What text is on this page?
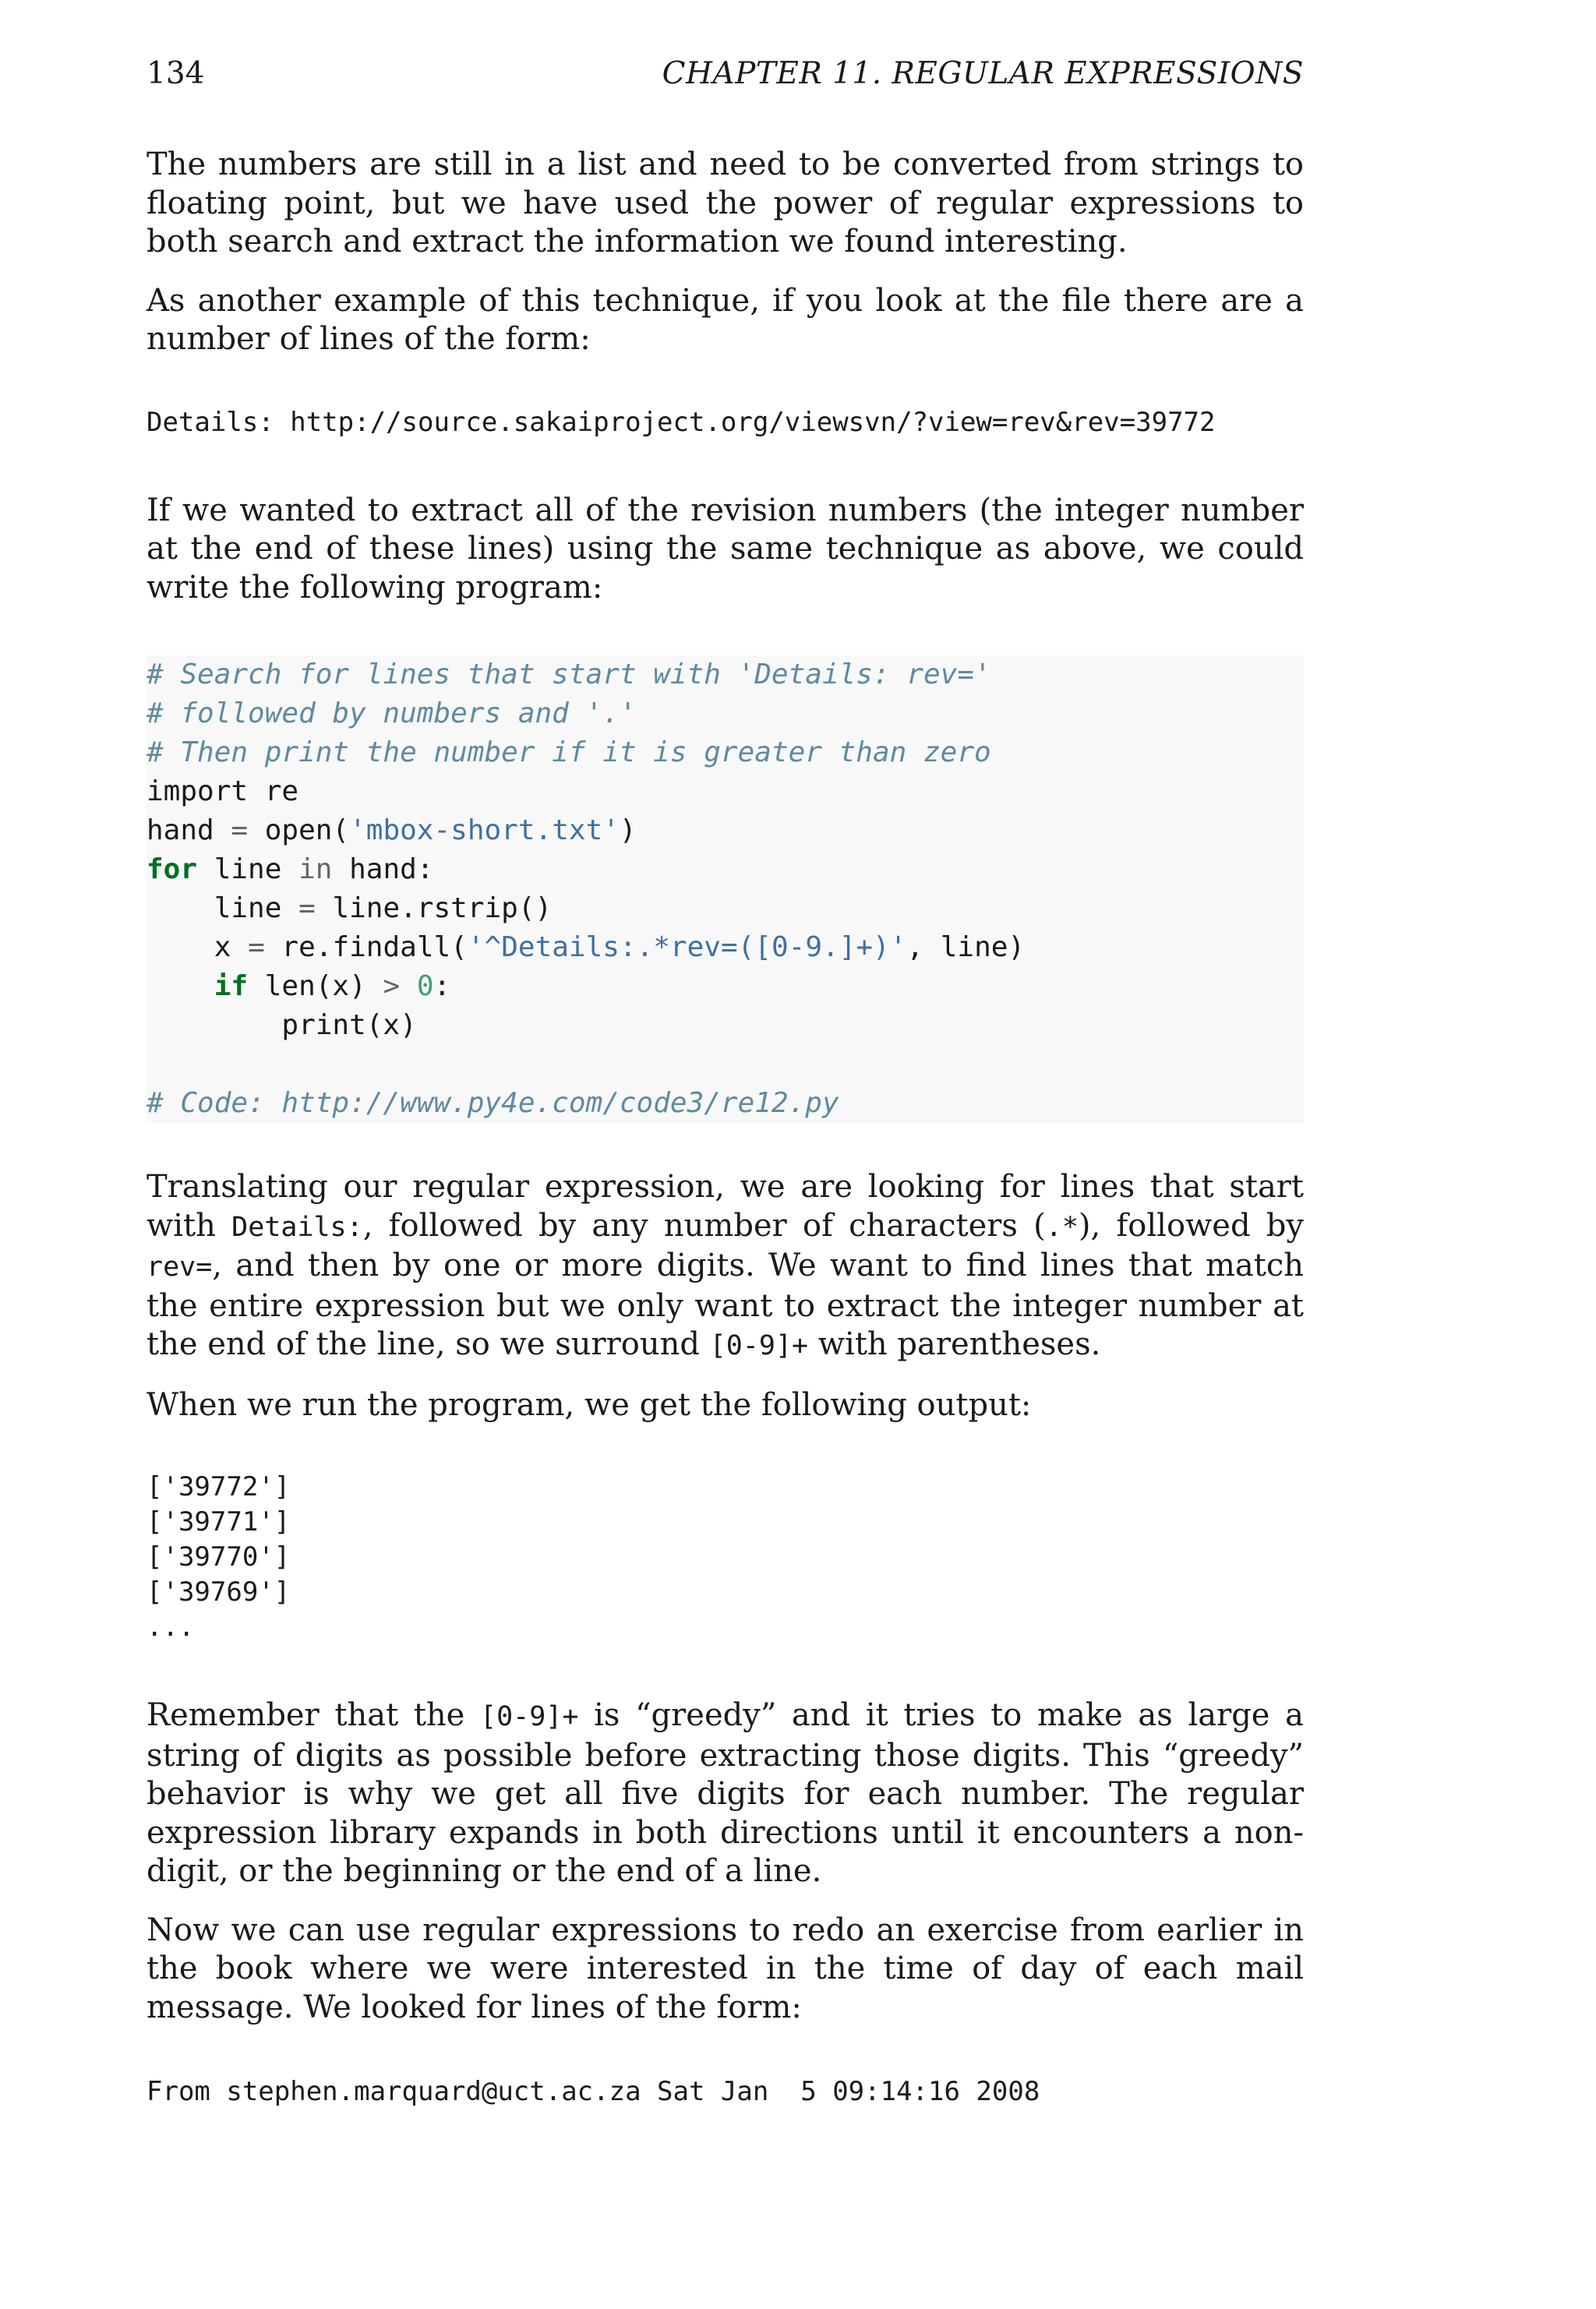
134	CHAPTER 11. REGULAR EXPRESSIONS

The numbers are still in a list and need to be converted from strings to floating point, but we have used the power of regular expressions to both search and extract the information we found interesting.

As another example of this technique, if you look at the file there are a number of lines of the form:

Details: http://source.sakaiproject.org/viewsvn/?view=rev&rev=39772

If we wanted to extract all of the revision numbers (the integer number at the end of these lines) using the same technique as above, we could write the following program:

# Search for lines that start with 'Details: rev='
# followed by numbers and '.'
# Then print the number if it is greater than zero
import re
hand = open('mbox-short.txt')
for line in hand:
line = line.rstrip()
x = re.findall('^Details:.*rev=([0-9.]+)', line)
if len(x) > 0:
print(x)

# Code: http://www.py4e.com/code3/re12.py

Translating our regular expression, we are looking for lines that start with Details:, followed by any number of characters (.*), followed by rev=, and then by one or more digits. We want to find lines that match the entire expression but we only want to extract the integer number at the end of the line, so we surround [0-9]+ with parentheses.

When we run the program, we get the following output:

['39772']
['39771']
['39770']
['39769']
...

Remember that the [0-9]+ is “greedy” and it tries to make as large a string of digits as possible before extracting those digits. This “greedy” behavior is why we get all five digits for each number. The regular expression library expands in both directions until it encounters a non-digit, or the beginning or the end of a line.

Now we can use regular expressions to redo an exercise from earlier in the book where we were interested in the time of day of each mail message. We looked for lines of the form:

From stephen.marquard@uct.ac.za Sat Jan  5 09:14:16 2008
